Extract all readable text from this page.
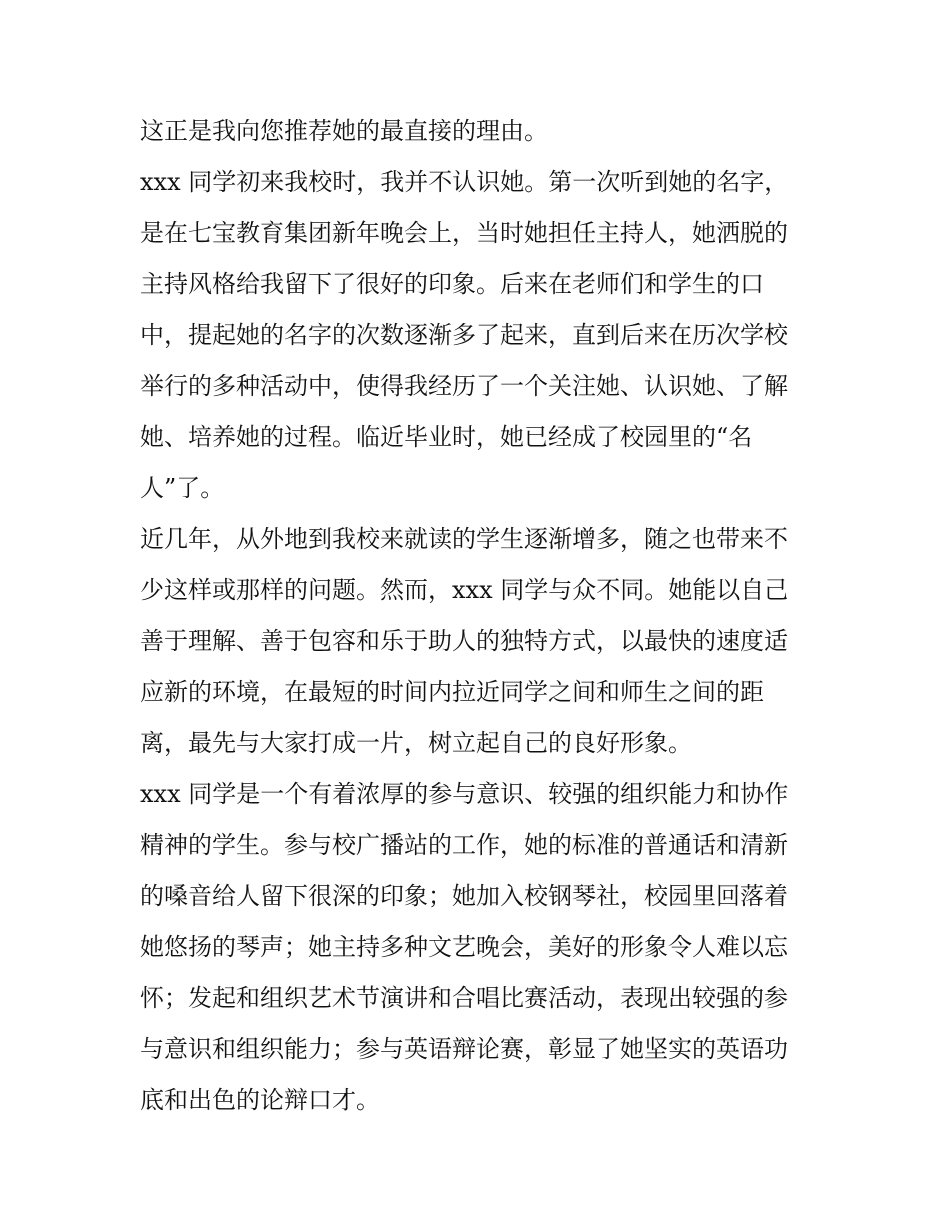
这正是我向您推荐她的最直接的理由。
xxx 同学初来我校时，我并不认识她。第一次听到她的名字，
是在七宝教育集团新年晚会上，当时她担任主持人，她洒脱的
主持风格给我留下了很好的印象。后来在老师们和学生的口
中，提起她的名字的次数逐渐多了起来，直到后来在历次学校
举行的多种活动中，使得我经历了一个关注她、认识她、了解
她、培养她的过程。临近毕业时，她已经成了校园里的“名
人”了。
近几年，从外地到我校来就读的学生逐渐增多，随之也带来不
少这样或那样的问题。然而，xxx 同学与众不同。她能以自己
善于理解、善于包容和乐于助人的独特方式，以最快的速度适
应新的环境，在最短的时间内拉近同学之间和师生之间的距
离，最先与大家打成一片，树立起自己的良好形象。
xxx 同学是一个有着浓厚的参与意识、较强的组织能力和协作
精神的学生。参与校广播站的工作，她的标准的普通话和清新
的嗓音给人留下很深的印象；她加入校钢琴社，校园里回落着
她悠扬的琴声；她主持多种文艺晚会，美好的形象令人难以忘
怀；发起和组织艺术节演讲和合唱比赛活动，表现出较强的参
与意识和组织能力；参与英语辩论赛，彰显了她坚实的英语功
底和出色的论辩口才。
